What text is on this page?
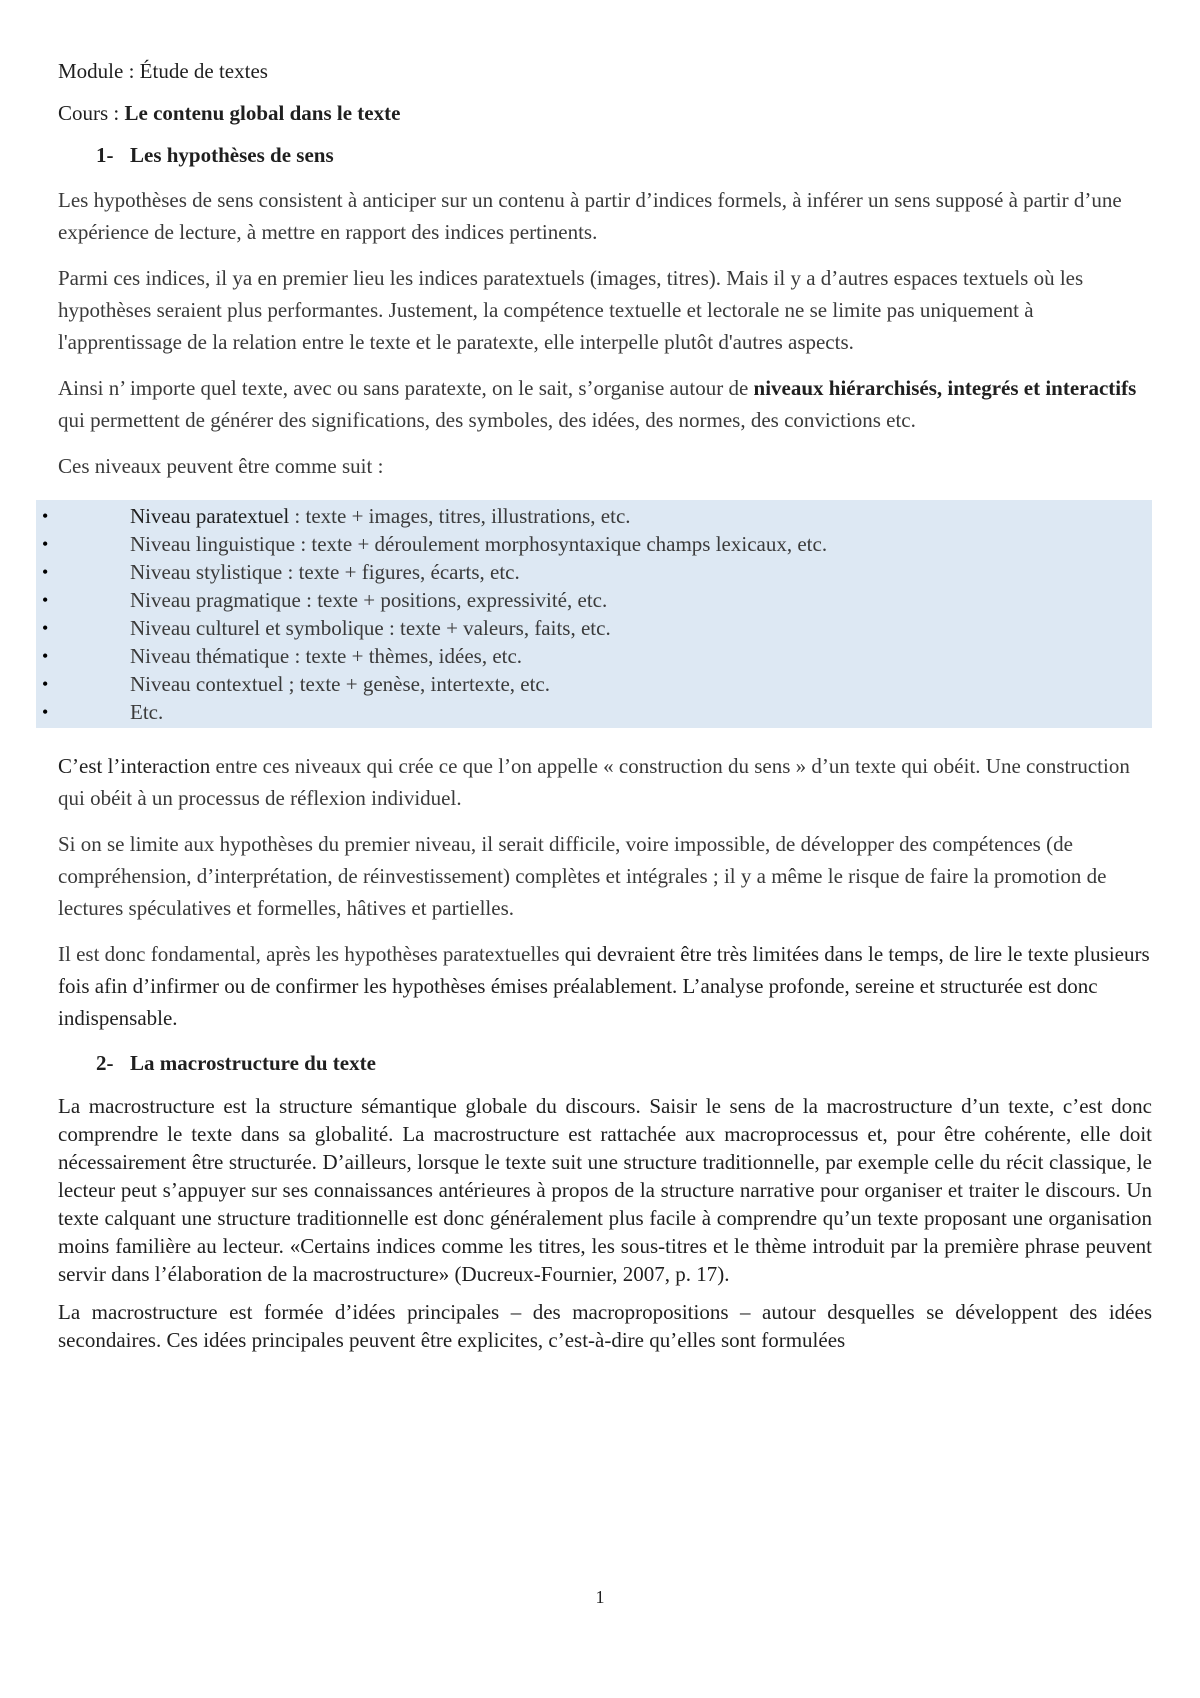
Module : Étude de textes

Cours : Le contenu global dans le texte

1- Les hypothèses de sens

Les hypothèses de sens consistent à anticiper sur un contenu à partir d’indices formels, à inférer un sens supposé à partir d’une expérience de lecture, à mettre en rapport des indices pertinents.

Parmi ces indices, il ya en premier lieu les indices paratextuels (images, titres). Mais il y a d’autres espaces textuels où les hypothèses seraient plus performantes. Justement, la compétence textuelle et lectorale ne se limite pas uniquement à l'apprentissage de la relation entre le texte et le paratexte, elle interpelle plutôt d'autres aspects.

Ainsi n’ importe quel texte, avec ou sans paratexte, on le sait, s’organise autour de niveaux hiérarchisés, integrés et interactifs qui permettent de générer des significations, des symboles, des idées, des normes, des convictions etc.

Ces niveaux peuvent être comme suit :

•	Niveau paratextuel : texte + images, titres, illustrations, etc.
•	Niveau linguistique : texte + déroulement morphosyntaxique champs lexicaux, etc.
•	Niveau stylistique : texte + figures, écarts, etc.
•	Niveau pragmatique : texte + positions, expressivité, etc.
•	Niveau culturel et symbolique : texte + valeurs, faits, etc.
•	Niveau thématique : texte + thèmes, idées, etc.
•	Niveau contextuel ; texte + genèse, intertexte, etc.
•	Etc.

C’est l’interaction entre ces niveaux qui crée ce que l’on appelle « construction du sens » d’un texte qui obéit. Une construction qui obéit à un processus de réflexion individuel.

Si on se limite aux hypothèses du premier niveau, il serait difficile, voire impossible, de développer des compétences (de compréhension, d’interprétation, de réinvestissement) complètes et intégrales ; il y a même le risque de faire la promotion de lectures spéculatives et formelles, hâtives et partielles.

Il est donc fondamental, après les hypothèses paratextuelles qui devraient être très limitées dans le temps, de lire le texte plusieurs fois afin d’infirmer ou de confirmer les hypothèses émises préalablement. L’analyse profonde, sereine et structurée est donc indispensable.

2- La macrostructure du texte

La macrostructure est la structure sémantique globale du discours. Saisir le sens de la macrostructure d’un texte, c’est donc comprendre le texte dans sa globalité. La macrostructure est rattachée aux macroprocessus et, pour être cohérente, elle doit nécessairement être structurée. D’ailleurs, lorsque le texte suit une structure traditionnelle, par exemple celle du récit classique, le lecteur peut s’appuyer sur ses connaissances antérieures à propos de la structure narrative pour organiser et traiter le discours. Un texte calquant une structure traditionnelle est donc généralement plus facile à comprendre qu’un texte proposant une organisation moins familière au lecteur. «Certains indices comme les titres, les sous-titres et le thème introduit par la première phrase peuvent servir dans l’élaboration de la macrostructure» (Ducreux-Fournier, 2007, p. 17).

La macrostructure est formée d’idées principales – des macropropositions – autour desquelles se développent des idées secondaires. Ces idées principales peuvent être explicites, c’est-à-dire qu’elles sont formulées

1
